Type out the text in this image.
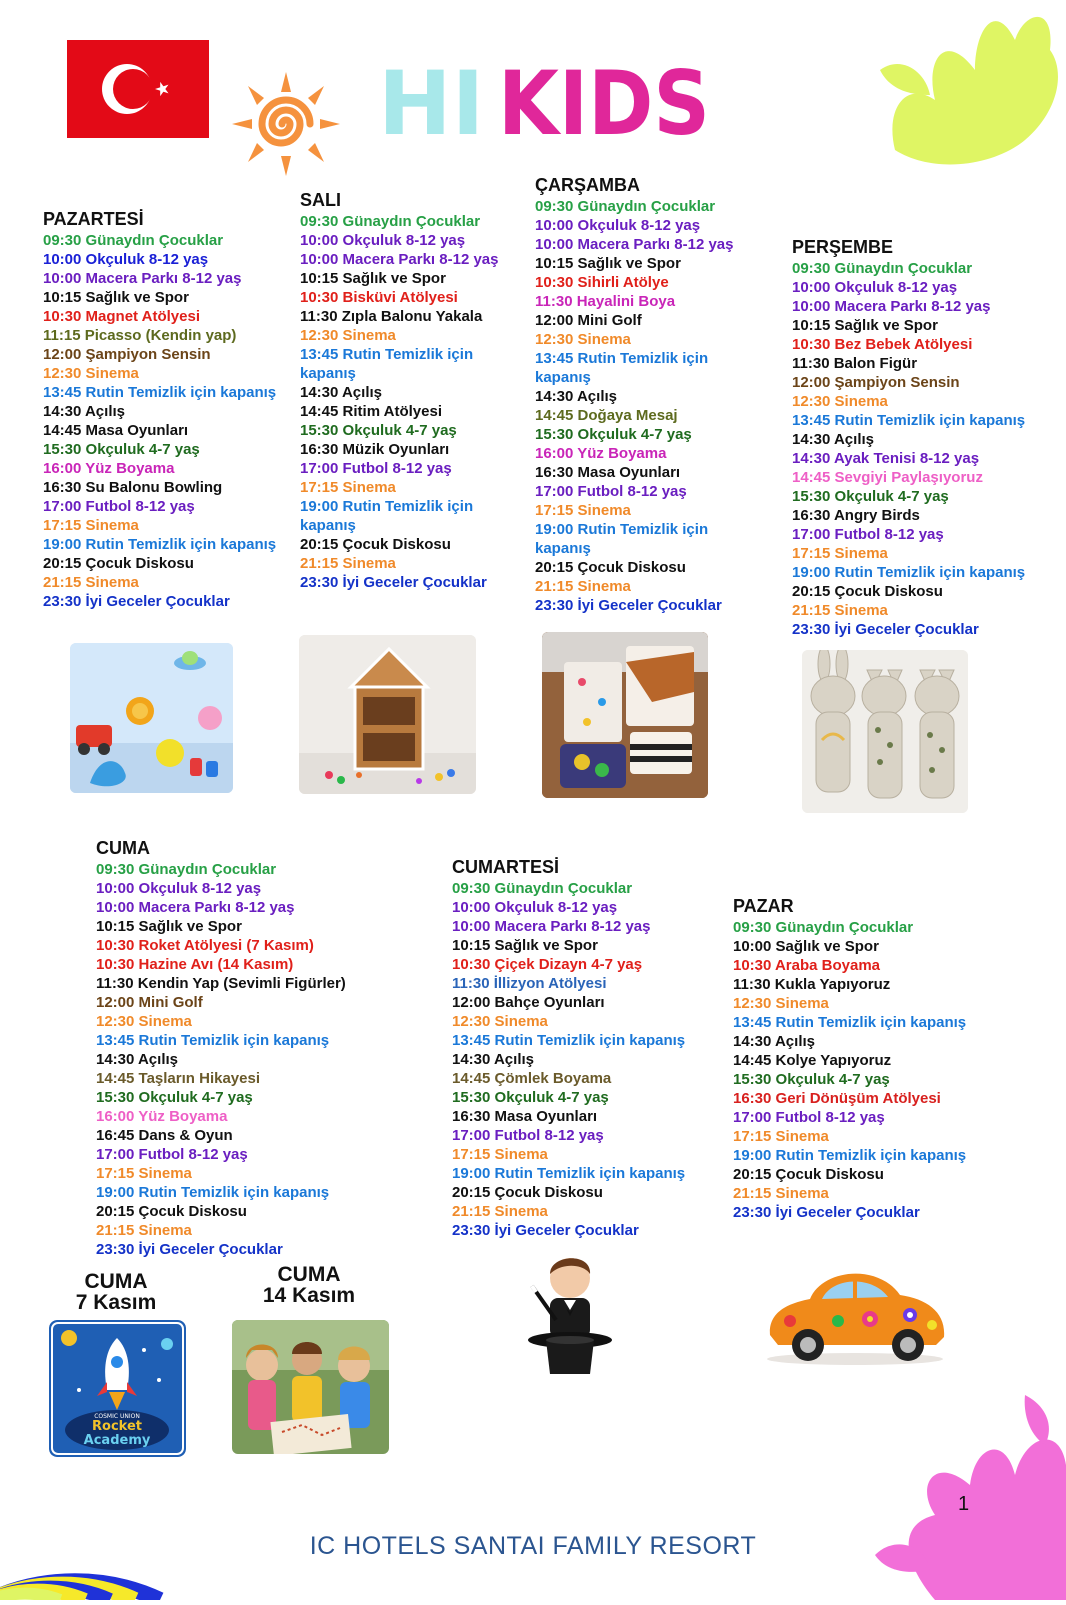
HI KIDS
PAZARTESİ
09:30 Günaydın Çocuklar
10:00 Okçuluk 8-12 yaş
10:00 Macera Parkı 8-12 yaş
10:15 Sağlık ve Spor
10:30 Magnet Atölyesi
11:15 Picasso (Kendin yap)
12:00 Şampiyon Sensin
12:30 Sinema
13:45 Rutin Temizlik için kapanış
14:30 Açılış
14:45 Masa Oyunları
15:30 Okçuluk 4-7 yaş
16:00 Yüz Boyama
16:30 Su Balonu Bowling
17:00 Futbol 8-12 yaş
17:15 Sinema
19:00 Rutin Temizlik için kapanış
20:15 Çocuk Diskosu
21:15 Sinema
23:30 İyi Geceler Çocuklar
SALI
09:30 Günaydın Çocuklar
10:00 Okçuluk 8-12 yaş
10:00 Macera Parkı 8-12 yaş
10:15 Sağlık ve Spor
10:30 Bisküvi Atölyesi
11:30 Zıpla Balonu Yakala
12:30 Sinema
13:45 Rutin Temizlik için kapanış
14:30 Açılış
14:45 Ritim Atölyesi
15:30 Okçuluk 4-7 yaş
16:30 Müzik Oyunları
17:00 Futbol 8-12 yaş
17:15 Sinema
19:00 Rutin Temizlik için kapanış
20:15 Çocuk Diskosu
21:15 Sinema
23:30 İyi Geceler Çocuklar
ÇARŞAMBA
09:30 Günaydın Çocuklar
10:00 Okçuluk 8-12 yaş
10:00 Macera Parkı 8-12 yaş
10:15 Sağlık ve Spor
10:30 Sihirli Atölye
11:30 Hayalini Boya
12:00 Mini Golf
12:30 Sinema
13:45 Rutin Temizlik için kapanış
14:30 Açılış
14:45 Doğaya Mesaj
15:30 Okçuluk 4-7 yaş
16:00 Yüz Boyama
16:30 Masa Oyunları
17:00 Futbol 8-12 yaş
17:15 Sinema
19:00 Rutin Temizlik için kapanış
20:15 Çocuk Diskosu
21:15 Sinema
23:30 İyi Geceler Çocuklar
PERŞEMBE
09:30 Günaydın Çocuklar
10:00 Okçuluk 8-12 yaş
10:00 Macera Parkı 8-12 yaş
10:15 Sağlık ve Spor
10:30 Bez Bebek Atölyesi
11:30 Balon Figür
12:00 Şampiyon Sensin
12:30 Sinema
13:45 Rutin Temizlik için kapanış
14:30 Açılış
14:30 Ayak Tenisi 8-12 yaş
14:45 Sevgiyi Paylaşıyoruz
15:30 Okçuluk 4-7 yaş
16:30 Angry Birds
17:00 Futbol 8-12 yaş
17:15 Sinema
19:00 Rutin Temizlik için kapanış
20:15 Çocuk Diskosu
21:15 Sinema
23:30 İyi Geceler Çocuklar
CUMA
09:30 Günaydın Çocuklar
10:00 Okçuluk 8-12 yaş
10:00 Macera Parkı 8-12 yaş
10:15 Sağlık ve Spor
10:30 Roket Atölyesi (7 Kasım)
10:30 Hazine Avı (14 Kasım)
11:30 Kendin Yap (Sevimli Figürler)
12:00 Mini Golf
12:30 Sinema
13:45 Rutin Temizlik için kapanış
14:30 Açılış
14:45 Taşların Hikayesi
15:30 Okçuluk 4-7 yaş
16:00 Yüz Boyama
16:45 Dans & Oyun
17:00 Futbol 8-12 yaş
17:15 Sinema
19:00 Rutin Temizlik için kapanış
20:15 Çocuk Diskosu
21:15 Sinema
23:30 İyi Geceler Çocuklar
CUMARTESİ
09:30 Günaydın Çocuklar
10:00 Okçuluk 8-12 yaş
10:00 Macera Parkı 8-12 yaş
10:15 Sağlık ve Spor
10:30 Çiçek Dizayn 4-7 yaş
11:30 İllizyon Atölyesi
12:00 Bahçe Oyunları
12:30 Sinema
13:45 Rutin Temizlik için kapanış
14:30 Açılış
14:45 Çömlek Boyama
15:30 Okçuluk 4-7 yaş
16:30 Masa Oyunları
17:00 Futbol 8-12 yaş
17:15 Sinema
19:00 Rutin Temizlik için kapanış
20:15 Çocuk Diskosu
21:15 Sinema
23:30 İyi Geceler Çocuklar
PAZAR
09:30 Günaydın Çocuklar
10:00 Sağlık ve Spor
10:30 Araba Boyama
11:30 Kukla Yapıyoruz
12:30 Sinema
13:45 Rutin Temizlik için kapanış
14:30 Açılış
14:45 Kolye Yapıyoruz
15:30 Okçuluk 4-7 yaş
16:30 Geri Dönüşüm Atölyesi
17:00 Futbol 8-12 yaş
17:15 Sinema
19:00 Rutin Temizlik için kapanış
20:15 Çocuk Diskosu
21:15 Sinema
23:30 İyi Geceler Çocuklar
CUMA
7 Kasım
CUMA
14 Kasım
COSMIC UNION
Rocket
Academy
1
IC HOTELS SANTAI FAMILY RESORT
